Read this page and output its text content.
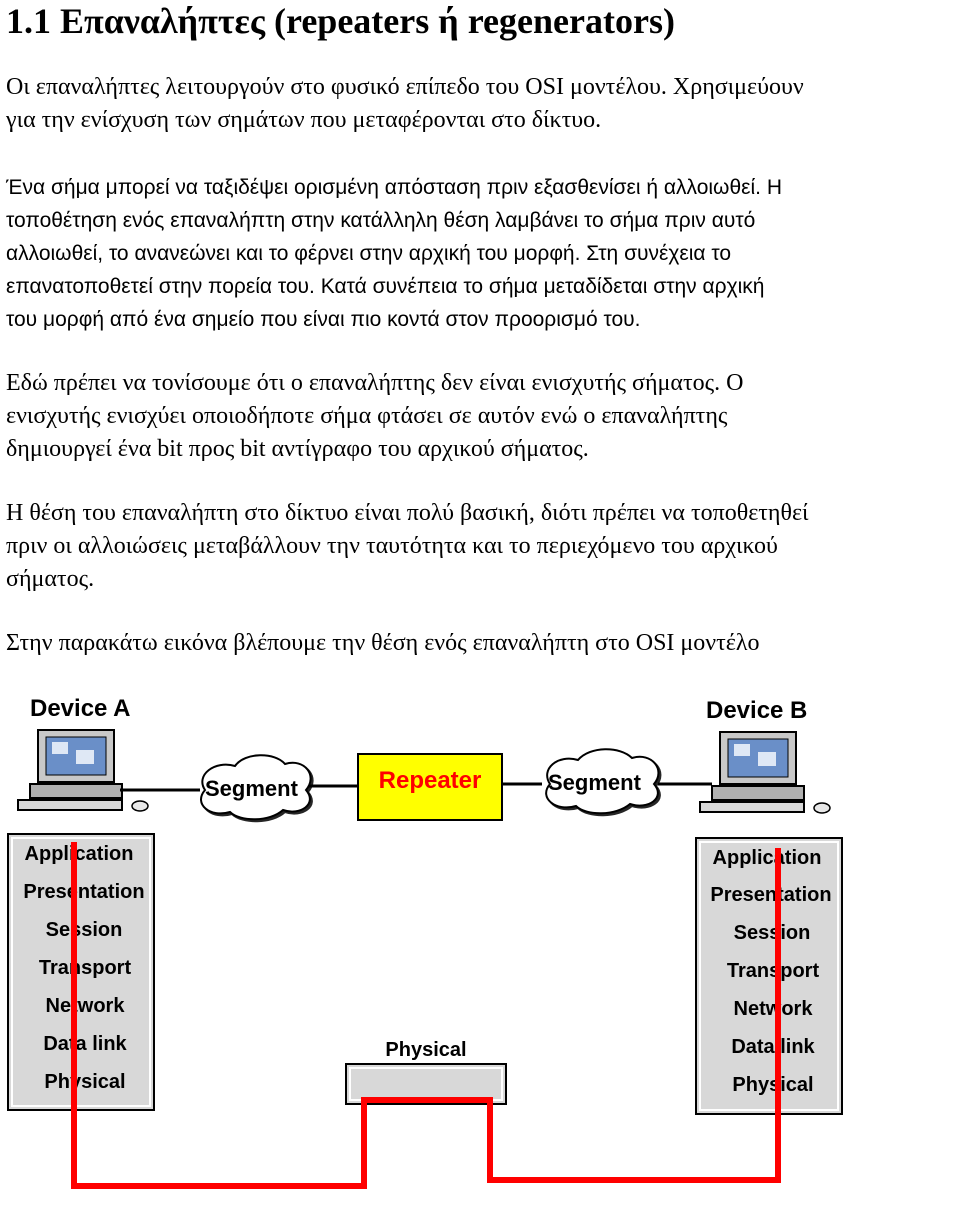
1.1 Επαναλήπτες (repeaters ή regenerators)

Οι επαναλήπτες λειτουργούν στο φυσικό επίπεδο του OSI μοντέλου. Χρησιμεύουν
για την ενίσχυση των σημάτων που μεταφέρονται στο δίκτυο.

Ένα σήμα μπορεί να ταξιδέψει ορισμένη απόσταση πριν εξασθενίσει ή αλλοιωθεί. Η
τοποθέτηση ενός επαναλήπτη στην κατάλληλη θέση λαμβάνει το σήμα πριν αυτό
αλλοιωθεί, το ανανεώνει και το φέρνει στην αρχική του μορφή. Στη συνέχεια το
επανατοποθετεί στην πορεία του. Κατά συνέπεια το σήμα μεταδίδεται στην αρχική
του μορφή από ένα σημείο που είναι πιο κοντά στον προορισμό του.

Εδώ πρέπει να τονίσουμε ότι ο επαναλήπτης δεν είναι ενισχυτής σήματος. Ο
ενισχυτής ενισχύει οποιοδήποτε σήμα φτάσει σε αυτόν ενώ ο επαναλήπτης
δημιουργεί ένα bit προς bit αντίγραφο του αρχικού σήματος.

Η θέση του επαναλήπτη στο δίκτυο είναι πολύ βασική, διότι πρέπει να τοποθετηθεί
πριν οι αλλοιώσεις μεταβάλλουν την ταυτότητα και το περιεχόμενο του αρχικού
σήματος.

Στην παρακάτω εικόνα βλέπουμε την θέση ενός επαναλήπτη στο OSI μοντέλο

Device A	Device B
Segment	Repeater	Segment
Application
Presentation
Session
Transport
Network
Data link
Physical
Application
Presentation
Session
Transport
Network
Data link
Physical
Physical
